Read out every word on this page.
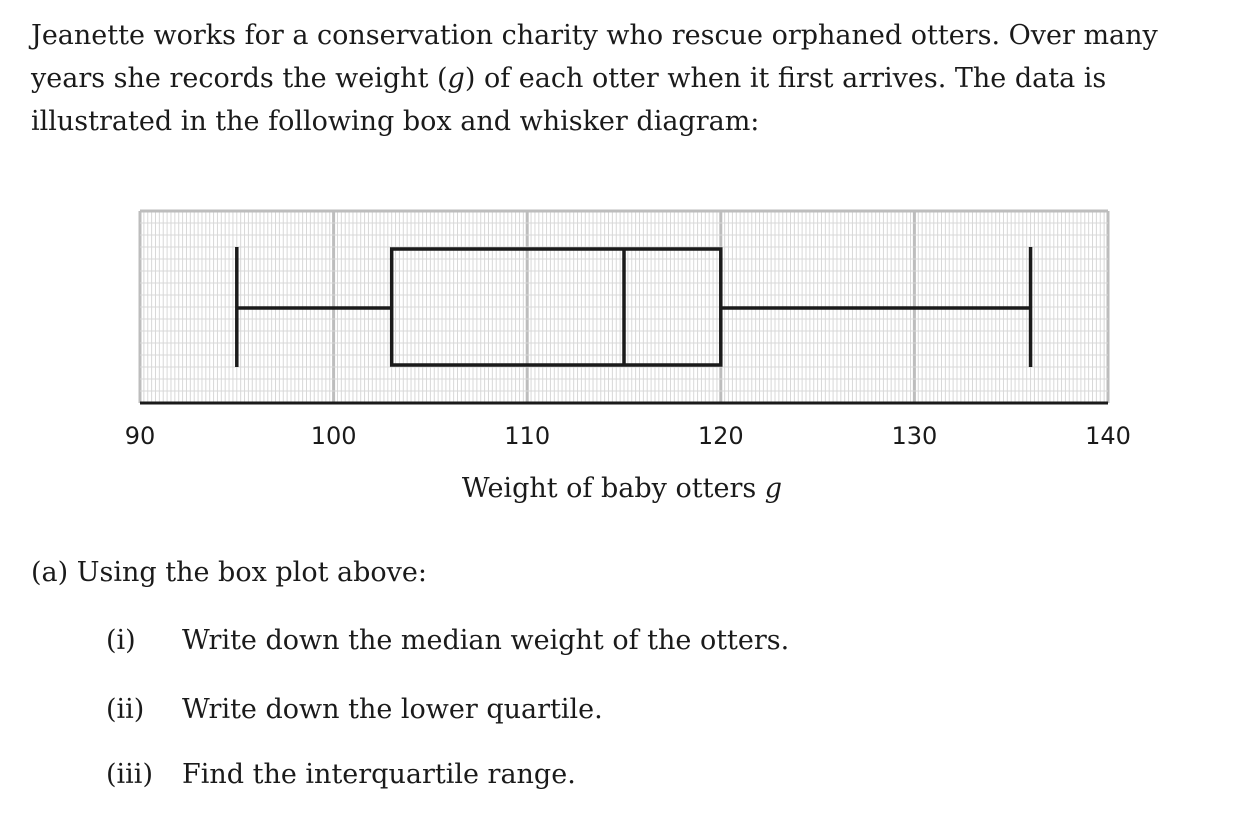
Jeanette works for a conservation charity who rescue orphaned otters. Over many years she records the weight (g) of each otter when it first arrives. The data is illustrated in the following box and whisker diagram:

90	100	110	120	130	140
Weight of baby otters g

(a) Using the box plot above:

(i)	Write down the median weight of the otters.
(ii)	Write down the lower quartile.
(iii)	Find the interquartile range.
